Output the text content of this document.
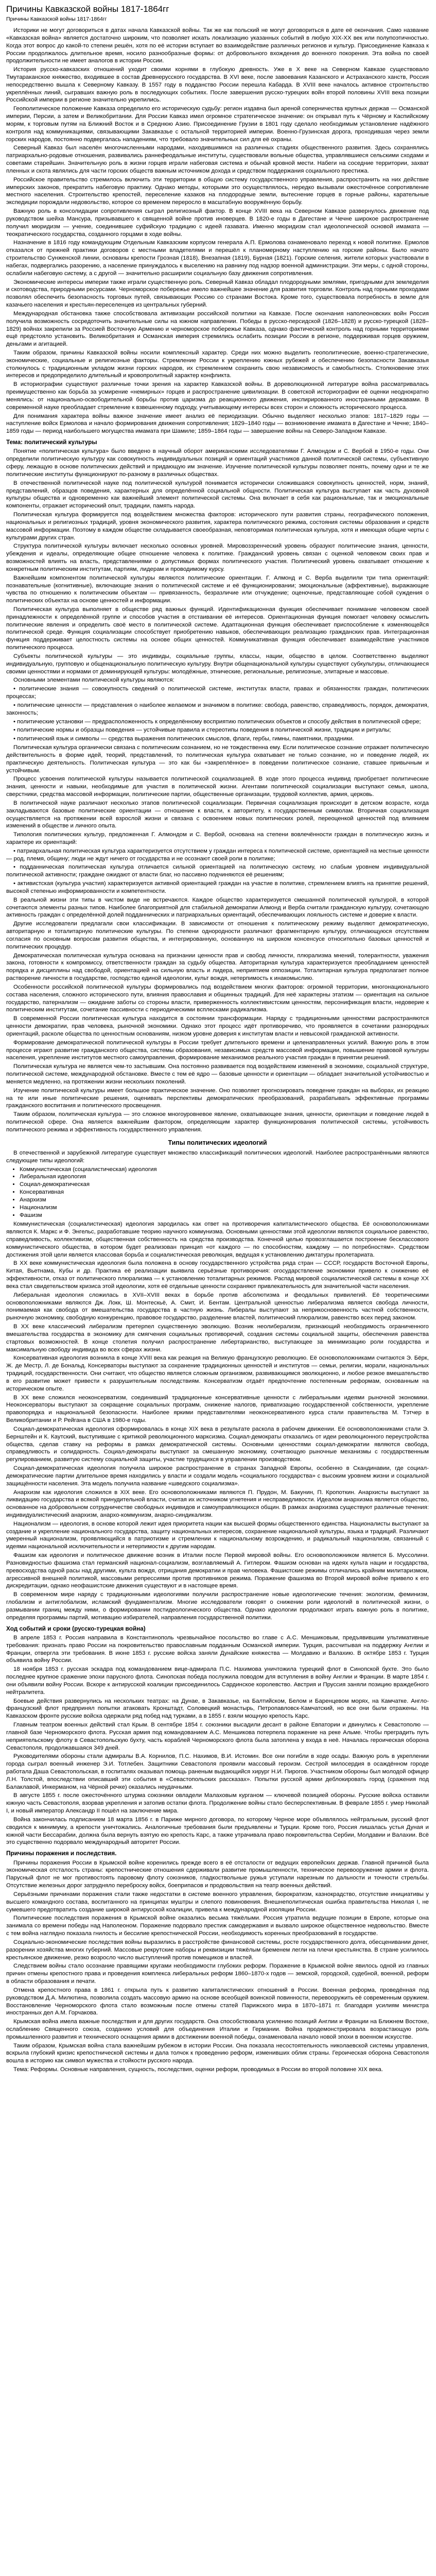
Причины Кавказской войны 1817-1864гг
Причины Кавказской войны 1817-1864гг

Историки не могут договориться в датах начала Кавказской войны. Так же как польский не могут договориться в дате её окончания. Само название «Кавказская война» является достаточно широким, что позволяет искать локализацию указанных событий в любую ХIХ-ХХ век или полупоэтичностью. Когда этот вопрос до какой-то степени решён, хотя по её истории вступает во взаимодействие различных регионов и культур. Присоединение Кавказа к России продолжалось длительное время, носило разнообразные формы: от добровольного вхождения до военного покорения. Эта война по своей продолжительности не имеет аналогов в истории России.

История русско-кавказских отношений уходит своими корнями в глубокую древность. Уже в X веке на Северном Кавказе существовало Тмутараканское княжество, входившее в состав Древнерусского государства. В XVI веке, после завоевания Казанского и Астраханского ханств, Россия непосредственно вышла к Северному Кавказу. В 1557 году в подданство России перешла Кабарда. В XVIII веке началось активное строительство укреплённых линий, сыгравших важную роль в последующих событиях. После завершения русско-турецких войн второй половины XVIII века позиции Российской империи в регионе значительно укрепились.

Геополитическое положение Кавказа определило его историческую судьбу: регион издавна был ареной соперничества крупных держав — Османской империи, Персии, а затем и Великобритании. Для России Кавказ имел огромное стратегическое значение: он открывал путь к Чёрному и Каспийскому морям, к торговым путям на Ближний Восток и в Среднюю Азию. Присоединение Грузии в 1801 году сделало необходимым установление надёжного контроля над коммуникациями, связывающими Закавказье с остальной территорией империи. Военно-Грузинская дорога, проходившая через земли горских народов, постоянно подвергалась нападениям, что требовало значительных сил для её охраны.

Северный Кавказ был населён многочисленными народами, находившимися на различных стадиях общественного развития. Здесь сохранялись патриархально-родовые отношения, развивались раннефеодальные институты, существовали вольные общества, управлявшиеся сельскими сходами и советами старейшин. Значительную роль в жизни горцев играли набеговая система и обычай кровной мести. Набеги на соседние территории, захват пленных и скота являлись для части горских обществ важным источником дохода и средством поддержания социального престижа.

Российское правительство стремилось включить эти территории в общую систему государственного управления, распространить на них действие имперских законов, прекратить набеговую практику. Однако методы, которыми это осуществлялось, нередко вызывали ожесточённое сопротивление местного населения. Строительство крепостей, переселение казаков на плодородные земли, вытеснение горцев в горные районы, карательные экспедиции порождали недовольство, которое со временем переросло в масштабную вооружённую борьбу.

Важную роль в консолидации сопротивления сыграл религиозный фактор. В конце XVIII века на Северном Кавказе развернулось движение под руководством шейха Мансура, призывавшего к священной войне против иноверцев. В 1820-е годы в Дагестане и Чечне широкое распространение получил мюридизм — учение, соединившее суфийскую традицию с идеей газавата. Именно мюридизм стал идеологической основой имамата — теократического государства, созданного горцами в ходе войны.

Назначение в 1816 году командующим Отдельным Кавказским корпусом генерала А.П. Ермолова ознаменовало переход к новой политике. Ермолов отказался от прежней практики договоров с местными владетелями и перешёл к планомерному наступлению на горские районы. Было начато строительство Сунженской линии, основаны крепости Грозная (1818), Внезапная (1819), Бурная (1821). Горские селения, жители которых участвовали в набегах, подвергались разорению, а население принуждалось к выселению на равнину под надзор военной администрации. Эти меры, с одной стороны, ослабили набеговую систему, а с другой — значительно расширили социальную базу движения сопротивления.

Экономические интересы империи также играли существенную роль. Северный Кавказ обладал плодородными землями, пригодными для земледелия и скотоводства, природными ресурсами. Черноморское побережье имело важнейшее значение для развития торговли. Контроль над горными проходами позволял обеспечить безопасность торговых путей, связывающих Россию со странами Востока. Кроме того, существовала потребность в земле для казачьего населения и крестьян-переселенцев из центральных губерний.

Международная обстановка также способствовала активизации российской политики на Кавказе. После окончания наполеоновских войн Россия получила возможность сосредоточить значительные силы на южном направлении. Победы в русско-персидской (1826–1828) и русско-турецкой (1828–1829) войнах закрепили за Россией Восточную Армению и черноморское побережье Кавказа, однако фактический контроль над горными территориями ещё предстояло установить. Великобритания и Османская империя стремились ослабить позиции России в регионе, поддерживая горцев оружием, деньгами и агитацией.

Таким образом, причины Кавказской войны носили комплексный характер. Среди них можно выделить геополитические, военно-стратегические, экономические, социальные и религиозные факторы. Стремление России к укреплению южных рубежей и обеспечению безопасности Закавказья столкнулось с традиционным укладом жизни горских народов, их стремлением сохранить свою независимость и самобытность. Столкновение этих интересов и предопределило длительный и кровопролитный характер конфликта.

В историографии существуют различные точки зрения на характер Кавказской войны. В дореволюционной литературе война рассматривалась преимущественно как борьба за усмирение «немирных» горцев и распространение цивилизации. В советской историографии её оценки неоднократно менялись: от национально-освободительной борьбы против царизма до реакционного движения, инспирированного иностранными державами. В современной науке преобладает стремление к взвешенному подходу, учитывающему интересы всех сторон и сложность исторического процесса.

Для понимания характера войны важное значение имеет анализ её периодизации. Обычно выделяют несколько этапов: 1817–1829 годы — наступление войск Ермолова и начало формирования движения сопротивления; 1829–1840 годы — возникновение имамата в Дагестане и Чечне; 1840–1859 годы — период наибольшего могущества имамата при Шамиле; 1859–1864 годы — завершение войны на Северо-Западном Кавказе.

Тема: политический культуры

Понятие «политическая культура» было введено в научный оборот американскими исследователями Г. Алмондом и С. Вербой в 1950-е годы. Они определили политическую культуру как совокупность индивидуальных позиций и ориентаций участников данной политической системы, субъективную сферу, лежащую в основе политических действий и придающую им значение. Изучение политической культуры позволяет понять, почему одни и те же политические институты функционируют по-разному в различных обществах.

В отечественной политической науке под политической культурой понимается исторически сложившаяся совокупность ценностей, норм, знаний, представлений, образцов поведения, характерных для определённой социальной общности. Политическая культура выступает как часть духовной культуры общества и одновременно как важнейший элемент политической системы. Она включает в себя как рациональные, так и эмоциональные компоненты, отражает исторический опыт, традиции, память народа.

Политическая культура формируется под воздействием множества факторов: исторического пути развития страны, географического положения, национальных и религиозных традиций, уровня экономического развития, характера политического режима, состояния системы образования и средств массовой информации. Поэтому в каждом обществе складывается своеобразная, неповторимая политическая культура, хотя и имеющая общие черты с культурами других стран.

Структура политической культуры включает несколько основных уровней. Мировоззренческий уровень образуют политические знания, ценности, убеждения и идеалы, определяющие общее отношение человека к политике. Гражданский уровень связан с оценкой человеком своих прав и возможностей влиять на власть, представлениями о допустимых формах политического участия. Политический уровень охватывает отношение к конкретным политическим институтам, партиям, лидерам и проводимому курсу.

Важнейшим компонентом политической культуры являются политические ориентации. Г. Алмонд и С. Верба выделили три типа ориентаций: познавательные (когнитивные), включающие знания о политической системе и её функционировании; эмоциональные (аффективные), выражающие чувства по отношению к политическим объектам — привязанность, безразличие или отчуждение; оценочные, представляющие собой суждения о политических объектах на основе ценностей и информации.

Политическая культура выполняет в обществе ряд важных функций. Идентификационная функция обеспечивает понимание человеком своей принадлежности к определённой группе и способов участия в отстаивании её интересов. Ориентационная функция помогает человеку осмыслить политические явления и определить своё место в политической системе. Адаптационная функция обеспечивает приспособление к изменяющейся политической среде. Функция социализации способствует приобретению навыков, обеспечивающих реализацию гражданских прав. Интеграционная функция поддерживает целостность системы на основе общих ценностей. Коммуникативная функция обеспечивает взаимодействие участников политического процесса.

Субъекты политической культуры — это индивиды, социальные группы, классы, нации, общество в целом. Соответственно выделяют индивидуальную, групповую и общенациональную политическую культуру. Внутри общенациональной культуры существуют субкультуры, отличающиеся своими ценностями и нормами от доминирующей культуры: молодёжные, этнические, региональные, религиозные, элитарные и массовые.

Основными элементами политической культуры являются:

• политические знания — совокупность сведений о политической системе, институтах власти, правах и обязанностях граждан, политических процессах;

• политические ценности — представления о наиболее желаемом и значимом в политике: свобода, равенство, справедливость, порядок, демократия, законность;

• политические установки — предрасположенность к определённому восприятию политических объектов и способу действия в политической сфере;

• политические нормы и образцы поведения — устойчивые правила и стереотипы поведения в политической жизни, традиции и ритуалы;

• политический язык и символы — средства выражения политических смыслов, флаги, гербы, гимны, памятники, праздники.

Политическая культура органически связана с политическим сознанием, но не тождественна ему. Если политическое сознание отражает политическую действительность в форме идей, теорий, представлений, то политическая культура охватывает не только сознание, но и поведение людей, их практическую деятельность. Политическая культура — это как бы «закреплённое» в поведении политическое сознание, ставшее привычным и устойчивым.

Процесс усвоения политической культуры называется политической социализацией. В ходе этого процесса индивид приобретает политические знания, ценности и навыки, необходимые для участия в политической жизни. Агентами политической социализации выступают семья, школа, сверстники, средства массовой информации, политические партии, общественные организации, трудовой коллектив, армия, церковь.

В политической науке различают несколько этапов политической социализации. Первичная социализация происходит в детском возрасте, когда закладываются базовые политические ориентации — отношение к власти, к авторитету, к государственным символам. Вторичная социализация осуществляется на протяжении всей взрослой жизни и связана с освоением новых политических ролей, переоценкой ценностей под влиянием изменений в обществе и личного опыта.

Типология политических культур, предложенная Г. Алмондом и С. Вербой, основана на степени вовлечённости граждан в политическую жизнь и характере их ориентаций:

• патриархальная политическая культура характеризуется отсутствием у граждан интереса к политической системе, ориентацией на местные ценности — род, племя, общину; люди не ждут ничего от государства и не осознают своей роли в политике;

• подданническая политическая культура отличается сильной ориентацией на политическую систему, но слабым уровнем индивидуальной политической активности; граждане ожидают от власти благ, но пассивно подчиняются её решениям;

• активистская (культура участия) характеризуется активной ориентацией граждан на участие в политике, стремлением влиять на принятие решений, высокой степенью информированности и компетентности.

В реальной жизни эти типы в чистом виде не встречаются. Каждое общество характеризуется смешанной политической культурой, в которой сочетаются элементы разных типов. Наиболее благоприятной для стабильной демократии Алмонд и Верба считали гражданскую культуру, сочетающую активность граждан с определённой долей подданнических и патриархальных ориентаций, обеспечивающих лояльность системе и доверие к власти.

Другие исследователи предлагали свои классификации. В зависимости от отношения к политическому режиму выделяют демократическую, авторитарную и тоталитарную политические культуры. По степени однородности различают фрагментарную культуру, отличающуюся отсутствием согласия по основным вопросам развития общества, и интегрированную, основанную на широком консенсусе относительно базовых ценностей и политических процедур.

Демократическая политическая культура основана на признании ценности прав и свобод личности, плюрализма мнений, толерантности, уважения закона, готовности к компромиссу, ответственности граждан за судьбу общества. Авторитарная культура характеризуется преобладанием ценностей порядка и дисциплины над свободой, ориентацией на сильную власть и лидера, неприятием оппозиции. Тоталитарная культура предполагает полное растворение личности в государстве, господство единой идеологии, культ вождя, нетерпимость к инакомыслию.

Особенности российской политической культуры формировались под воздействием многих факторов: огромной территории, многонационального состава населения, сложного исторического пути, влияния православия и общинных традиций. Для неё характерны этатизм — ориентация на сильное государство, патернализм — ожидание заботы со стороны власти, приверженность коллективистским ценностям, персонификация власти, недоверие к политическим институтам, сочетание пассивности с периодическими всплесками радикализма.

В современной России политическая культура находится в состоянии трансформации. Наряду с традиционными ценностями распространяются ценности демократии, прав человека, рыночной экономики. Однако этот процесс идёт противоречиво, что проявляется в сочетании разнородных ориентаций, расколе общества по ценностным основаниям, низком уровне доверия к институтам власти и невысокой гражданской активности.

Формирование демократической политической культуры в России требует длительного времени и целенаправленных усилий. Важную роль в этом процессе играют развитие гражданского общества, системы образования, независимых средств массовой информации, повышение правовой культуры населения, укрепление институтов местного самоуправления, формирование механизмов реального участия граждан в принятии решений.

Политическая культура не является чем-то застывшим. Она постоянно развивается под воздействием изменений в экономике, социальной структуре, политической системе, международной обстановке. Вместе с тем её ядро — базовые ценности и ориентации — обладает значительной устойчивостью и меняется медленно, на протяжении жизни нескольких поколений.

Изучение политической культуры имеет большое практическое значение. Оно позволяет прогнозировать поведение граждан на выборах, их реакцию на те или иные политические решения, оценивать перспективы демократических преобразований, разрабатывать эффективные программы гражданского воспитания и политического просвещения.

Таким образом, политическая культура — это сложное многоуровневое явление, охватывающее знания, ценности, ориентации и поведение людей в политической сфере. Она является важнейшим фактором, определяющим характер функционирования политической системы, устойчивость политического режима и эффективность государственного управления.

Типы политических идеологий

В отечественной и зарубежной литературе существует множество классификаций политических идеологий. Наиболее распространёнными являются следующие типы идеологий:

• Коммунистическая (социалистическая) идеология
• Либеральная идеология
• Социал-демократическая
• Консервативная
• Анархизм
• Национализм
• Фашизм

Коммунистическая (социалистическая) идеология зародилась как ответ на противоречия капиталистического общества. Её основоположниками являются К. Маркс и Ф. Энгельс, разработавшие теорию научного коммунизма. Основными ценностями этой идеологии являются социальное равенство, справедливость, коллективизм, общественная собственность на средства производства. Конечной целью провозглашается построение бесклассового коммунистического общества, в котором будет реализован принцип «от каждого — по способностям, каждому — по потребностям». Средством достижения этой цели является классовая борьба и социалистическая революция, ведущая к установлению диктатуры пролетариата.

В XX веке коммунистическая идеология была положена в основу государственного устройства ряда стран — СССР, государств Восточной Европы, Китая, Вьетнама, Кубы и др. Практика её реализации выявила серьёзные противоречия: огосударствление экономики привело к снижению её эффективности, отказ от политического плюрализма — к установлению тоталитарных режимов. Распад мировой социалистической системы в конце XX века стал свидетельством кризиса этой идеологии, хотя её отдельные ценности сохраняют привлекательность для значительной части населения.

Либеральная идеология сложилась в XVII–XVIII веках в борьбе против абсолютизма и феодальных привилегий. Её теоретическими основоположниками являются Дж. Локк, Ш. Монтескьё, А. Смит, И. Бентам. Центральной ценностью либерализма является свобода личности, понимаемая как свобода от вмешательства государства в частную жизнь. Либералы выступают за неприкосновенность частной собственности, рыночную экономику, свободную конкуренцию, правовое государство, разделение властей, политический плюрализм, равенство всех перед законом.

В XX веке классический либерализм претерпел существенную эволюцию. Возник неолиберализм, признающий необходимость ограниченного вмешательства государства в экономику для смягчения социальных противоречий, создания системы социальной защиты, обеспечения равенства стартовых возможностей. В конце столетия получил распространение либертарианство, выступающее за минимизацию роли государства и максимальную свободу индивида во всех сферах жизни.

Консервативная идеология возникла в конце XVIII века как реакция на Великую французскую революцию. Её основоположниками считаются Э. Бёрк, Ж. де Местр, Л. де Бональд. Консерваторы выступают за сохранение традиционных ценностей и институтов — семьи, религии, морали, национальных традиций, государственности. Они считают, что общество является сложным организмом, развивающимся эволюционно, и любое резкое вмешательство в его развитие может привести к разрушительным последствиям. Консерватизм отдаёт предпочтение постепенным реформам, основанным на историческом опыте.

В XX веке сложился неоконсерватизм, соединивший традиционные консервативные ценности с либеральными идеями рыночной экономики. Неоконсерваторы выступают за сокращение социальных программ, снижение налогов, приватизацию государственной собственности, укрепление правопорядка и национальной безопасности. Наиболее яркими представителями неоконсервативного курса стали правительства М. Тэтчер в Великобритании и Р. Рейгана в США в 1980-е годы.

Социал-демократическая идеология сформировалась в конце XIX века в результате раскола в рабочем движении. Её основоположниками стали Э. Бернштейн и К. Каутский, выступившие с критикой революционного марксизма. Социал-демократы отказались от идеи революционного переустройства общества, сделав ставку на реформы в рамках демократической системы. Основными ценностями социал-демократии являются свобода, справедливость и солидарность. Социал-демократы выступают за смешанную экономику, сочетающую рыночные механизмы с государственным регулированием, развитую систему социальной защиты, участие трудящихся в управлении производством.

Социал-демократическая идеология получила широкое распространение в странах Западной Европы, особенно в Скандинавии, где социал-демократические партии длительное время находились у власти и создали модель «социального государства» с высоким уровнем жизни и социальной защищённости населения. Эта модель получила название «шведского социализма».

Анархизм как идеология сложился в XIX веке. Его основоположниками являются П. Прудон, М. Бакунин, П. Кропоткин. Анархисты выступают за ликвидацию государства и всякой принудительной власти, считая их источником угнетения и несправедливости. Идеалом анархизма является общество, основанное на добровольном сотрудничестве свободных индивидов и самоуправляющихся общин. В рамках анархизма существуют различные течения: индивидуалистический анархизм, анархо-коммунизм, анархо-синдикализм.

Национализм — идеология, в основе которой лежит идея приоритета нации как высшей формы общественного единства. Националисты выступают за создание и укрепление национального государства, защиту национальных интересов, сохранение национальной культуры, языка и традиций. Различают умеренный национализм, проявляющийся в патриотизме и стремлении к национальному возрождению, и радикальный национализм, связанный с идеями национальной исключительности и нетерпимости к другим народам.

Фашизм как идеология и политическое движение возник в Италии после Первой мировой войны. Его основоположником является Б. Муссолини. Разновидностью фашизма стал германский национал-социализм, возглавляемый А. Гитлером. Фашизм основан на идеях культа нации и государства, превосходства одной расы над другими, культа вождя, отрицания демократии и прав человека. Фашистские режимы отличались крайним милитаризмом, агрессивной внешней политикой, массовыми репрессиями против противников режима. Поражение фашизма во Второй мировой войне привело к его дискредитации, однако неофашистские движения существуют и в настоящее время.

В современном мире наряду с традиционными идеологиями получили распространение новые идеологические течения: экологизм, феминизм, глобализм и антиглобализм, исламский фундаментализм. Многие исследователи говорят о снижении роли идеологий в политической жизни, о размывании границ между ними, о формировании постидеологического общества. Однако идеологии продолжают играть важную роль в политике, определяя программы партий, мотивацию избирателей, направления государственной политики.

Ход событий и сроки (русско-турецкая война)

В апреле 1853 г. Россия направила в Константинополь чрезвычайное посольство во главе с А.С. Меншиковым, предъявившим ультимативные требования: признать право России на покровительство православным подданным Османской империи. Турция, рассчитывая на поддержку Англии и Франции, отвергла эти требования. В июне 1853 г. русские войска заняли Дунайские княжества — Молдавию и Валахию. В октябре 1853 г. Турция объявила войну России.

18 ноября 1853 г. русская эскадра под командованием вице-адмирала П.С. Нахимова уничтожила турецкий флот в Синопской бухте. Это было последнее крупное сражение эпохи парусного флота. Синопская победа послужила поводом для вступления в войну Англии и Франции. В марте 1854 г. они объявили войну России. Вскоре к антирусской коалиции присоединилось Сардинское королевство. Австрия и Пруссия заняли позицию враждебного нейтралитета.

Боевые действия развернулись на нескольких театрах: на Дунае, в Закавказье, на Балтийском, Белом и Баренцевом морях, на Камчатке. Англо-французский флот предпринял попытки атаковать Кронштадт, Соловецкий монастырь, Петропавловск-Камчатский, но все они были отражены. На Кавказском фронте русские войска одержали ряд побед над турками, а в 1855 г. взяли мощную крепость Карс.

Главным театром военных действий стал Крым. В сентябре 1854 г. союзники высадили десант в районе Евпатории и двинулись к Севастополю — главной базе Черноморского флота. Русская армия под командованием А.С. Меншикова потерпела поражение на реке Альме. Чтобы преградить путь неприятельскому флоту в Севастопольскую бухту, часть кораблей Черноморского флота была затоплена у входа в неё. Началась героическая оборона Севастополя, продолжавшаяся 349 дней.

Руководителями обороны стали адмиралы В.А. Корнилов, П.С. Нахимов, В.И. Истомин. Все они погибли в ходе осады. Важную роль в укреплении города сыграл военный инженер Э.И. Тотлебен. Защитники Севастополя проявили массовый героизм. Сестрой милосердия в осаждённом городе работала Даша Севастопольская, в госпиталях оказывал помощь раненым выдающийся хирург Н.И. Пирогов. Участником обороны был молодой офицер Л.Н. Толстой, впоследствии описавший эти события в «Севастопольских рассказах». Попытки русской армии деблокировать город (сражения под Балаклавой, Инкерманом, на Чёрной речке) оказались неудачными.

В августе 1855 г. после ожесточённого штурма союзники овладели Малаховым курганом — ключевой позицией обороны. Русские войска оставили южную часть Севастополя, взорвав укрепления и затопив остатки флота. Продолжение войны стало бесперспективным. В феврале 1855 г. умер Николай I, и новый император Александр II пошёл на заключение мира.

Война закончилась подписанием 18 марта 1856 г. в Париже мирного договора, по которому Черное море объявлялось нейтральным, русский флот сводился к минимуму, а крепости уничтожались. Аналогичные требования были предъявлены и Турции. Кроме того, Россия лишалась устья Дуная и южной части Бессарабии, должна была вернуть взятую ею крепость Карс, а также утрачивала право покровительства Сербии, Молдавии и Валахии. Всё это существенно подорвало международный авторитет России.

Причины поражения и последствия.

Причины поражения России в Крымской войне коренились прежде всего в её отсталости от ведущих европейских держав. Главной причиной была экономическая отсталость страны: крепостнические отношения сдерживали развитие промышленности, техническое перевооружение армии и флота. Парусный флот не мог противостоять паровому флоту союзников, гладкоствольные ружья уступали нарезным по дальности и точности стрельбы. Отсутствие железных дорог затрудняло переброску войск, боеприпасов и продовольствия на театр военных действий.

Серьёзными причинами поражения стали также недостатки в системе военного управления, бюрократизм, казнокрадство, отсутствие инициативы у высшего командного состава, воспитанного на принципах муштры и слепого повиновения. Внешнеполитическая ошибка правительства Николая I, не сумевшего предотвратить создание широкой антирусской коалиции, привела к международной изоляции России.

Политические последствия поражения в Крымской войне оказались весьма тяжёлыми. Россия утратила ведущие позиции в Европе, которые она занимала со времени победы над Наполеоном. Поражение подорвало престиж самодержавия и вызвало широкое общественное недовольство. Вместе с тем война наглядно показала гнилость и бессилие крепостнической России, необходимость коренных преобразований в государстве.

Социально-экономические последствия войны выразились в расстройстве финансовой системы, росте государственного долга, обесценивании денег, разорении хозяйства многих губерний. Массовые рекрутские наборы и реквизиции тяжёлым бременем легли на плечи крестьянства. В стране усилилось крестьянское движение, резко возросло число выступлений против помещиков и властей.

Следствием войны стало осознание правящими кругами необходимости глубоких реформ. Поражение в Крымской войне явилось одной из главных причин отмены крепостного права и проведения комплекса либеральных реформ 1860–1870-х годов — земской, городской, судебной, военной, реформ в области образования и печати.

Отмена крепостного права в 1861 г. открыла путь к развитию капиталистических отношений в России. Военная реформа, проведённая под руководством Д.А. Милютина, позволила создать массовую армию на основе всеобщей воинской повинности, перевооружить её современным оружием. Восстановление Черноморского флота стало возможным после отмены статей Парижского мира в 1870–1871 гг. благодаря усилиям министра иностранных дел А.М. Горчакова.

Крымская война имела важные последствия и для других государств. Она способствовала усилению позиций Англии и Франции на Ближнем Востоке, ослаблению Священного союза, созданию условий для объединения Италии и Германии. Война продемонстрировала возрастающую роль промышленного развития и технического оснащения армии в достижении военной победы, ознаменовала начало новой эпохи в военном искусстве.

Таким образом, Крымская война стала важнейшим рубежом в истории России. Она показала несостоятельность николаевской системы управления, вскрыла глубокий кризис крепостнической системы и дала толчок к проведению реформ, изменивших облик страны. Героическая оборона Севастополя вошла в историю как символ мужества и стойкости русского народа.

Тема: Реформы. Основные направления, сущность, последствия, оценки реформ, проводимых в России во второй половине XIX века.
